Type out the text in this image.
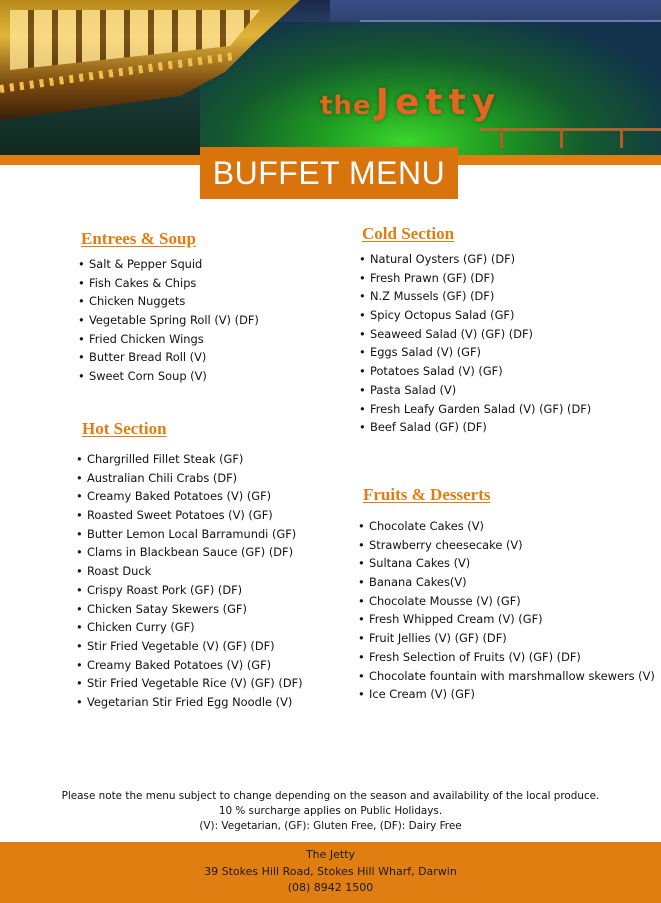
the Jetty
BUFFET MENU
Entrees & Soup
• Salt & Pepper Squid
• Fish Cakes & Chips
• Chicken Nuggets
• Vegetable Spring Roll (V) (DF)
• Fried Chicken Wings
• Butter Bread Roll (V)
• Sweet Corn Soup (V)
Hot Section
• Chargrilled Fillet Steak (GF)
• Australian Chili Crabs (DF)
• Creamy Baked Potatoes (V) (GF)
• Roasted Sweet Potatoes (V) (GF)
• Butter Lemon Local Barramundi (GF)
• Clams in Blackbean Sauce (GF) (DF)
• Roast Duck
• Crispy Roast Pork (GF) (DF)
• Chicken Satay Skewers (GF)
• Chicken Curry (GF)
• Stir Fried Vegetable (V) (GF) (DF)
• Creamy Baked Potatoes (V) (GF)
• Stir Fried Vegetable Rice (V) (GF) (DF)
• Vegetarian Stir Fried Egg Noodle (V)
Cold Section
• Natural Oysters (GF) (DF)
• Fresh Prawn (GF) (DF)
• N.Z Mussels (GF) (DF)
• Spicy Octopus Salad (GF)
• Seaweed Salad (V) (GF) (DF)
• Eggs Salad (V) (GF)
• Potatoes Salad (V) (GF)
• Pasta Salad (V)
• Fresh Leafy Garden Salad (V) (GF) (DF)
• Beef Salad (GF) (DF)
Fruits & Desserts
• Chocolate Cakes (V)
• Strawberry cheesecake (V)
• Sultana Cakes (V)
• Banana Cakes(V)
• Chocolate Mousse (V) (GF)
• Fresh Whipped Cream (V) (GF)
• Fruit Jellies (V) (GF) (DF)
• Fresh Selection of Fruits (V) (GF) (DF)
• Chocolate fountain with marshmallow skewers (V)
• Ice Cream (V) (GF)
Please note the menu subject to change depending on the season and availability of the local produce.
10 % surcharge applies on Public Holidays.
(V): Vegetarian, (GF): Gluten Free, (DF): Dairy Free
The Jetty
39 Stokes Hill Road, Stokes Hill Wharf, Darwin
(08) 8942 1500
